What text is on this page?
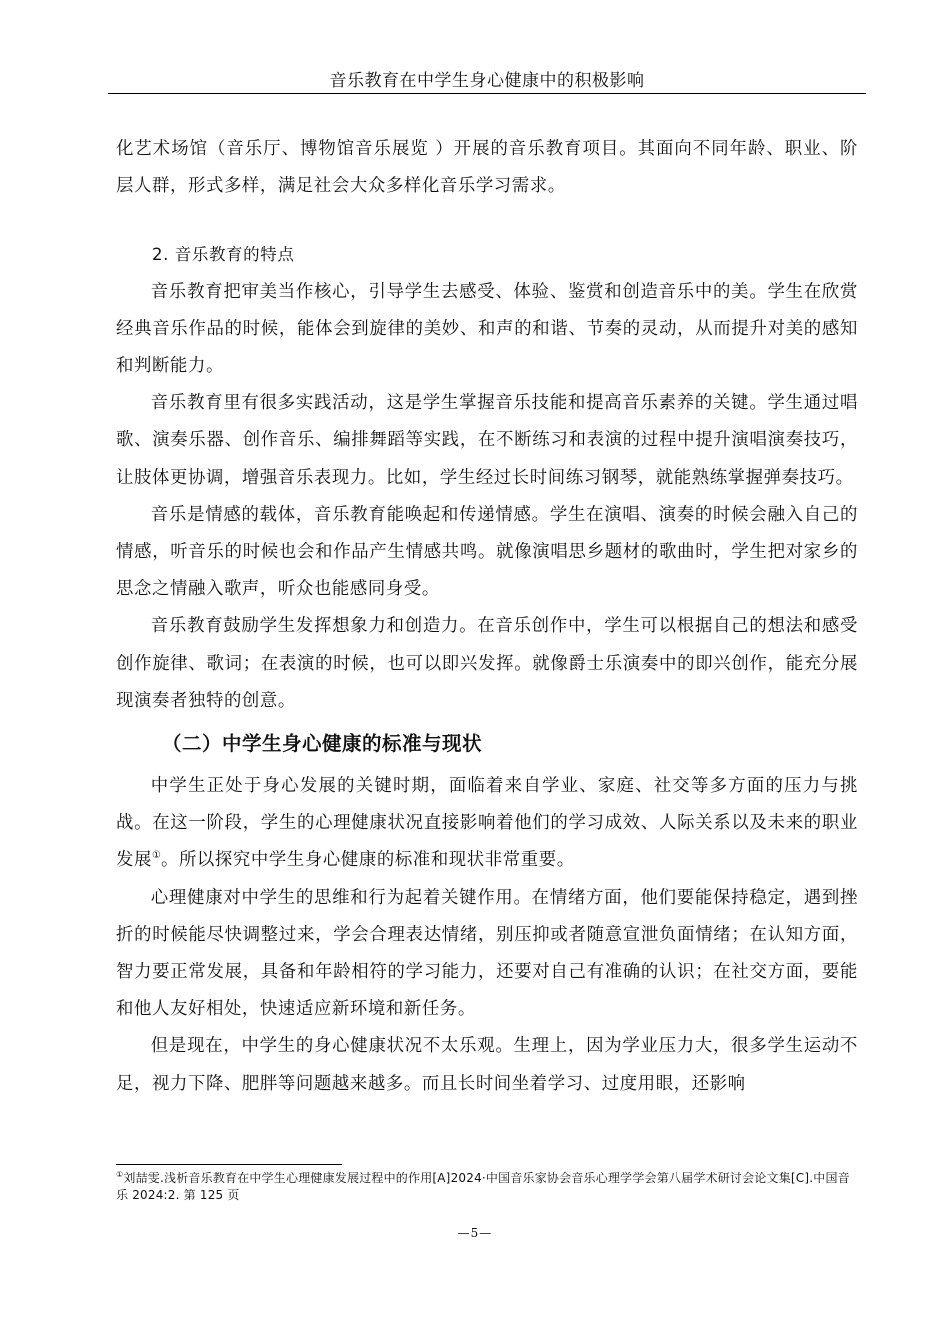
音乐教育在中学生身心健康中的积极影响

化艺术场馆（音乐厅、博物馆音乐展览 ）开展的音乐教育项目。其面向不同年龄、职业、阶层人群，形式多样，满足社会大众多样化音乐学习需求。

2. 音乐教育的特点

音乐教育把审美当作核心，引导学生去感受、体验、鉴赏和创造音乐中的美。学生在欣赏经典音乐作品的时候，能体会到旋律的美妙、和声的和谐、节奏的灵动，从而提升对美的感知和判断能力。

音乐教育里有很多实践活动，这是学生掌握音乐技能和提高音乐素养的关键。学生通过唱歌、演奏乐器、创作音乐、编排舞蹈等实践，在不断练习和表演的过程中提升演唱演奏技巧，让肢体更协调，增强音乐表现力。比如，学生经过长时间练习钢琴，就能熟练掌握弹奏技巧。

音乐是情感的载体，音乐教育能唤起和传递情感。学生在演唱、演奏的时候会融入自己的情感，听音乐的时候也会和作品产生情感共鸣。就像演唱思乡题材的歌曲时，学生把对家乡的思念之情融入歌声，听众也能感同身受。

音乐教育鼓励学生发挥想象力和创造力。在音乐创作中，学生可以根据自己的想法和感受创作旋律、歌词；在表演的时候，也可以即兴发挥。就像爵士乐演奏中的即兴创作，能充分展现演奏者独特的创意。

（二）中学生身心健康的标准与现状

中学生正处于身心发展的关键时期，面临着来自学业、家庭、社交等多方面的压力与挑战。在这一阶段，学生的心理健康状况直接影响着他们的学习成效、人际关系以及未来的职业发展①。所以探究中学生身心健康的标准和现状非常重要。

心理健康对中学生的思维和行为起着关键作用。在情绪方面，他们要能保持稳定，遇到挫折的时候能尽快调整过来，学会合理表达情绪，别压抑或者随意宣泄负面情绪；在认知方面，智力要正常发展，具备和年龄相符的学习能力，还要对自己有准确的认识；在社交方面，要能和他人友好相处，快速适应新环境和新任务。

但是现在，中学生的身心健康状况不太乐观。生理上，因为学业压力大，很多学生运动不足，视力下降、肥胖等问题越来越多。而且长时间坐着学习、过度用眼，还影响

①刘喆雯.浅析音乐教育在中学生心理健康发展过程中的作用[A]2024·中国音乐家协会音乐心理学学会第八届学术研讨会论文集[C].中国音乐 2024:2. 第 125 页
—5—
